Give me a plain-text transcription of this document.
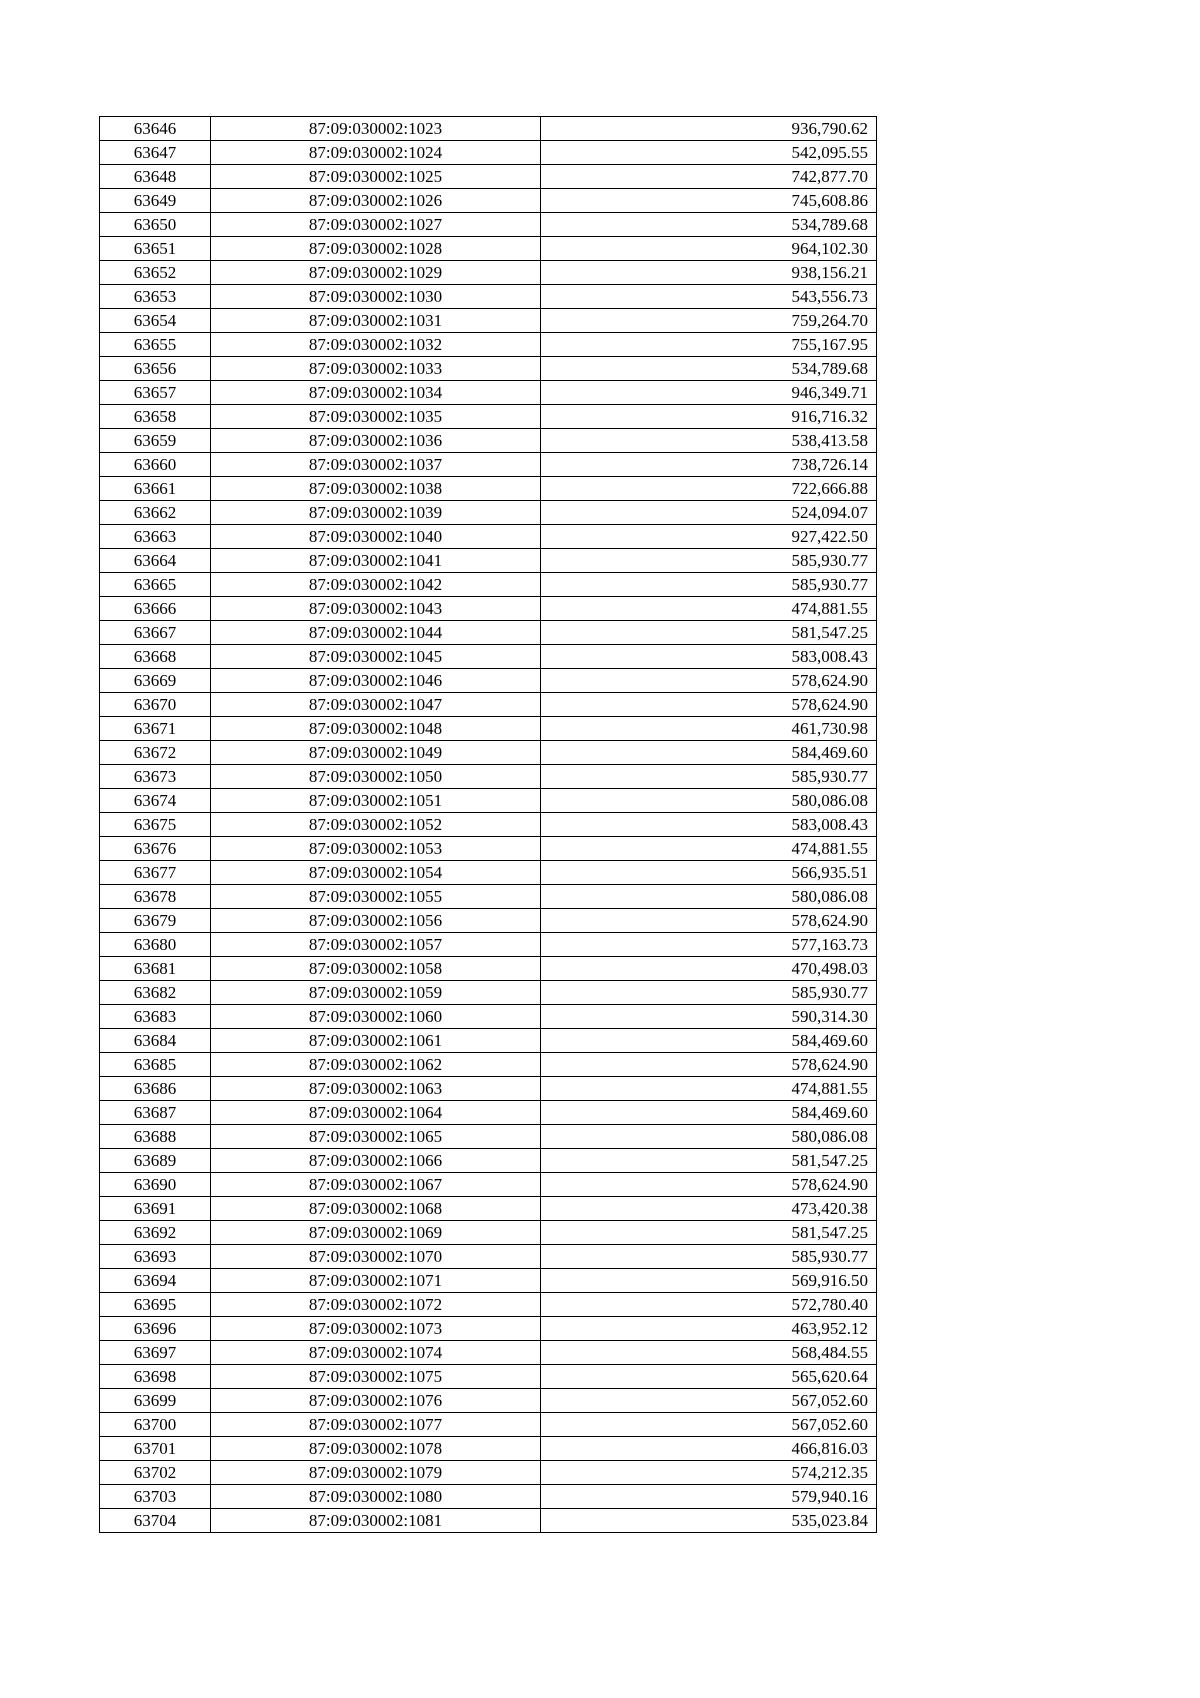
63646	87:09:030002:1023	936,790.62
63647	87:09:030002:1024	542,095.55
63648	87:09:030002:1025	742,877.70
63649	87:09:030002:1026	745,608.86
63650	87:09:030002:1027	534,789.68
63651	87:09:030002:1028	964,102.30
63652	87:09:030002:1029	938,156.21
63653	87:09:030002:1030	543,556.73
63654	87:09:030002:1031	759,264.70
63655	87:09:030002:1032	755,167.95
63656	87:09:030002:1033	534,789.68
63657	87:09:030002:1034	946,349.71
63658	87:09:030002:1035	916,716.32
63659	87:09:030002:1036	538,413.58
63660	87:09:030002:1037	738,726.14
63661	87:09:030002:1038	722,666.88
63662	87:09:030002:1039	524,094.07
63663	87:09:030002:1040	927,422.50
63664	87:09:030002:1041	585,930.77
63665	87:09:030002:1042	585,930.77
63666	87:09:030002:1043	474,881.55
63667	87:09:030002:1044	581,547.25
63668	87:09:030002:1045	583,008.43
63669	87:09:030002:1046	578,624.90
63670	87:09:030002:1047	578,624.90
63671	87:09:030002:1048	461,730.98
63672	87:09:030002:1049	584,469.60
63673	87:09:030002:1050	585,930.77
63674	87:09:030002:1051	580,086.08
63675	87:09:030002:1052	583,008.43
63676	87:09:030002:1053	474,881.55
63677	87:09:030002:1054	566,935.51
63678	87:09:030002:1055	580,086.08
63679	87:09:030002:1056	578,624.90
63680	87:09:030002:1057	577,163.73
63681	87:09:030002:1058	470,498.03
63682	87:09:030002:1059	585,930.77
63683	87:09:030002:1060	590,314.30
63684	87:09:030002:1061	584,469.60
63685	87:09:030002:1062	578,624.90
63686	87:09:030002:1063	474,881.55
63687	87:09:030002:1064	584,469.60
63688	87:09:030002:1065	580,086.08
63689	87:09:030002:1066	581,547.25
63690	87:09:030002:1067	578,624.90
63691	87:09:030002:1068	473,420.38
63692	87:09:030002:1069	581,547.25
63693	87:09:030002:1070	585,930.77
63694	87:09:030002:1071	569,916.50
63695	87:09:030002:1072	572,780.40
63696	87:09:030002:1073	463,952.12
63697	87:09:030002:1074	568,484.55
63698	87:09:030002:1075	565,620.64
63699	87:09:030002:1076	567,052.60
63700	87:09:030002:1077	567,052.60
63701	87:09:030002:1078	466,816.03
63702	87:09:030002:1079	574,212.35
63703	87:09:030002:1080	579,940.16
63704	87:09:030002:1081	535,023.84
